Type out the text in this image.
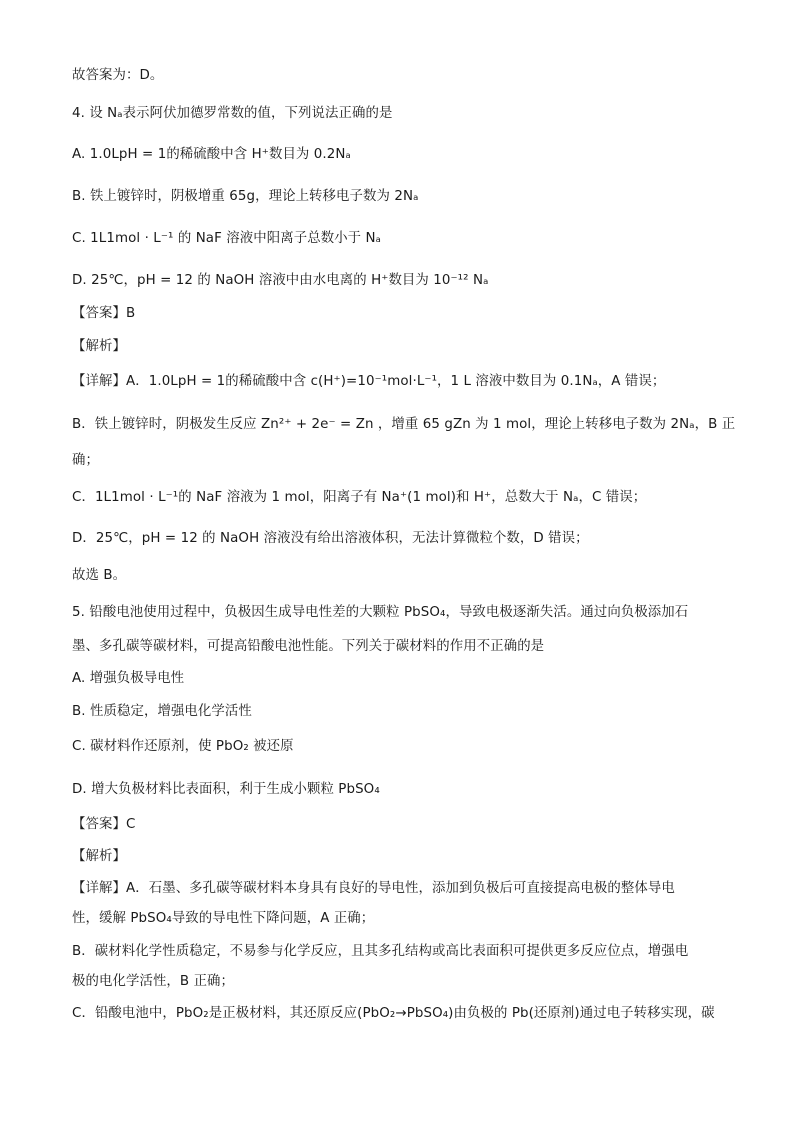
故答案为：D。
4. 设 Nₐ表示阿伏加德罗常数的值，下列说法正确的是
A. 1.0LpH = 1的稀硫酸中含 H⁺数目为 0.2Nₐ
B. 铁上镀锌时，阴极增重 65g，理论上转移电子数为 2Nₐ
C. 1L1mol · L⁻¹ 的 NaF 溶液中阳离子总数小于 Nₐ
D. 25℃，pH = 12 的 NaOH 溶液中由水电离的 H⁺数目为 10⁻¹² Nₐ
【答案】B
【解析】
【详解】A．1.0LpH = 1的稀硫酸中含 c(H⁺)=10⁻¹mol·L⁻¹，1 L 溶液中数目为 0.1Nₐ，A 错误；
B．铁上镀锌时，阴极发生反应 Zn²⁺ + 2e⁻ = Zn ，增重 65 gZn 为 1 mol，理论上转移电子数为 2Nₐ，B 正
确；
C．1L1mol · L⁻¹的 NaF 溶液为 1 mol，阳离子有 Na⁺(1 mol)和 H⁺，总数大于 Nₐ，C 错误；
D．25℃，pH = 12 的 NaOH 溶液没有给出溶液体积，无法计算微粒个数，D 错误；
故选 B。
5. 铅酸电池使用过程中，负极因生成导电性差的大颗粒 PbSO₄，导致电极逐渐失活。通过向负极添加石
墨、多孔碳等碳材料，可提高铅酸电池性能。下列关于碳材料的作用不正确的是
A. 增强负极导电性
B. 性质稳定，增强电化学活性
C. 碳材料作还原剂，使 PbO₂ 被还原
D. 增大负极材料比表面积，利于生成小颗粒 PbSO₄
【答案】C
【解析】
【详解】A．石墨、多孔碳等碳材料本身具有良好的导电性，添加到负极后可直接提高电极的整体导电
性，缓解 PbSO₄导致的导电性下降问题，A 正确；
B．碳材料化学性质稳定，不易参与化学反应，且其多孔结构或高比表面积可提供更多反应位点，增强电
极的电化学活性，B 正确；
C．铅酸电池中，PbO₂是正极材料，其还原反应(PbO₂→PbSO₄)由负极的 Pb(还原剂)通过电子转移实现，碳
